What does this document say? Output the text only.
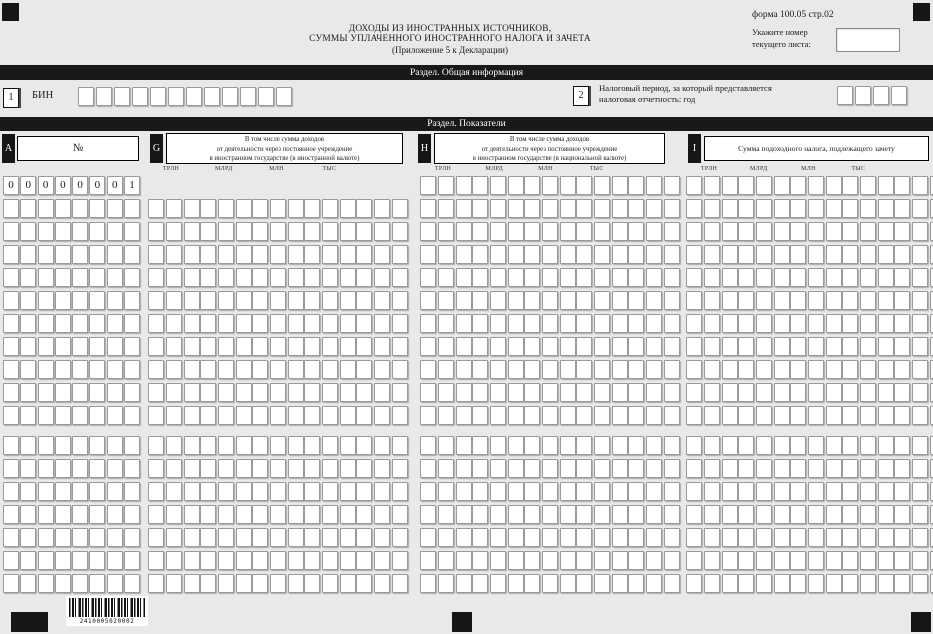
ДОХОДЫ ИЗ ИНОСТРАННЫХ ИСТОЧНИКОВ,
СУММЫ УПЛАЧЕННОГО ИНОСТРАННОГО НАЛОГА И ЗАЧЕТА
(Приложение 5 к Декларации)
форма 100.05 стр.02
Укажите номер
текущего листа:
Раздел. Общая информация
1	БИН	2
Налоговый период, за который представляется
налоговая отчетность: год
Раздел. Показатели
A	№	G
В том числе сумма доходов
от деятельности через постоянное учреждение
в иностранном государстве (в иностранной валюте)
H
В том числе сумма доходов
от деятельности через постоянное учреждение
в иностранном государстве (в национальной валюте)
I	Сумма подоходного налога, подлежащего зачету
ТРЛН	МЛРД	МЛН	ТЫС	ТРЛН	МЛРД	МЛН	ТЫС	ТРЛН	МЛРД	МЛН	ТЫС
0	0	0	0	0	0	0	1
2410005020002
